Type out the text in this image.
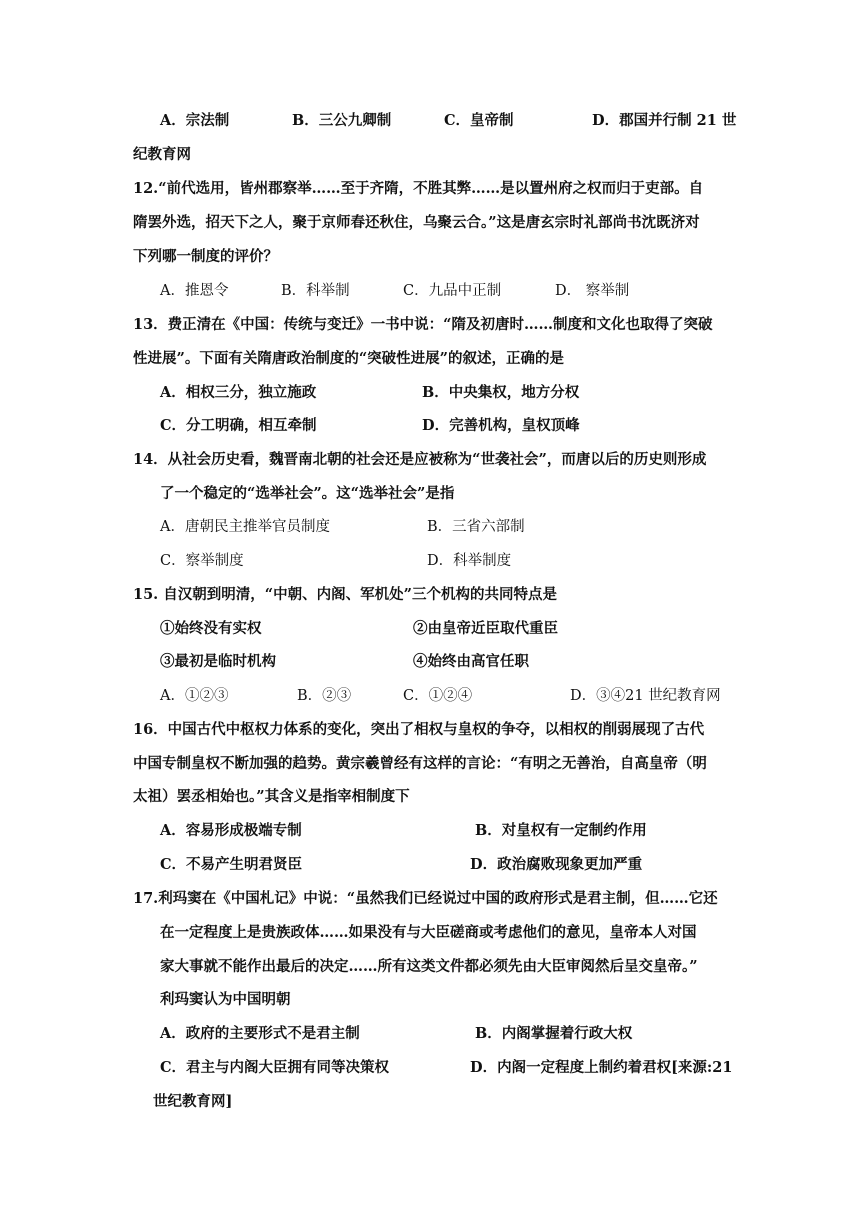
A．宗法制	B．三公九卿制	C．皇帝制	D．郡国并行制 21 世
纪教育网
12.“前代选用，皆州郡察举……至于齐隋，不胜其弊……是以置州府之权而归于吏部。自
隋罢外选，招天下之人，聚于京师春还秋住，乌聚云合。”这是唐玄宗时礼部尚书沈既济对
下列哪一制度的评价？
A．推恩令	B．科举制	C．九品中正制	D． 察举制
13．费正清在《中国：传统与变迁》一书中说：“隋及初唐时……制度和文化也取得了突破
性进展”。下面有关隋唐政治制度的“突破性进展”的叙述，正确的是
A．相权三分，独立施政	B．中央集权，地方分权
C．分工明确，相互牵制	D．完善机构，皇权顶峰
14．从社会历史看，魏晋南北朝的社会还是应被称为“世袭社会”，而唐以后的历史则形成
了一个稳定的“选举社会”。这“选举社会”是指
A．唐朝民主推举官员制度	B．三省六部制
C．察举制度	D．科举制度
15. 自汉朝到明清，“中朝、内阁、军机处”三个机构的共同特点是
①始终没有实权	②由皇帝近臣取代重臣
③最初是临时机构	④始终由高官任职
A．①②③	B．②③	C．①②④	D．③④21 世纪教育网
16．中国古代中枢权力体系的变化，突出了相权与皇权的争夺，以相权的削弱展现了古代
中国专制皇权不断加强的趋势。黄宗羲曾经有这样的言论：“有明之无善治，自高皇帝（明
太祖）罢丞相始也。”其含义是指宰相制度下
A．容易形成极端专制	B．对皇权有一定制约作用
C．不易产生明君贤臣	D．政治腐败现象更加严重
17.利玛窦在《中国札记》中说：“虽然我们已经说过中国的政府形式是君主制，但……它还
在一定程度上是贵族政体……如果没有与大臣磋商或考虑他们的意见，皇帝本人对国
家大事就不能作出最后的决定……所有这类文件都必须先由大臣审阅然后呈交皇帝。”
利玛窦认为中国明朝
A．政府的主要形式不是君主制	B．内阁掌握着行政大权
C．君主与内阁大臣拥有同等决策权	D．内阁一定程度上制约着君权[来源:21
世纪教育网]
